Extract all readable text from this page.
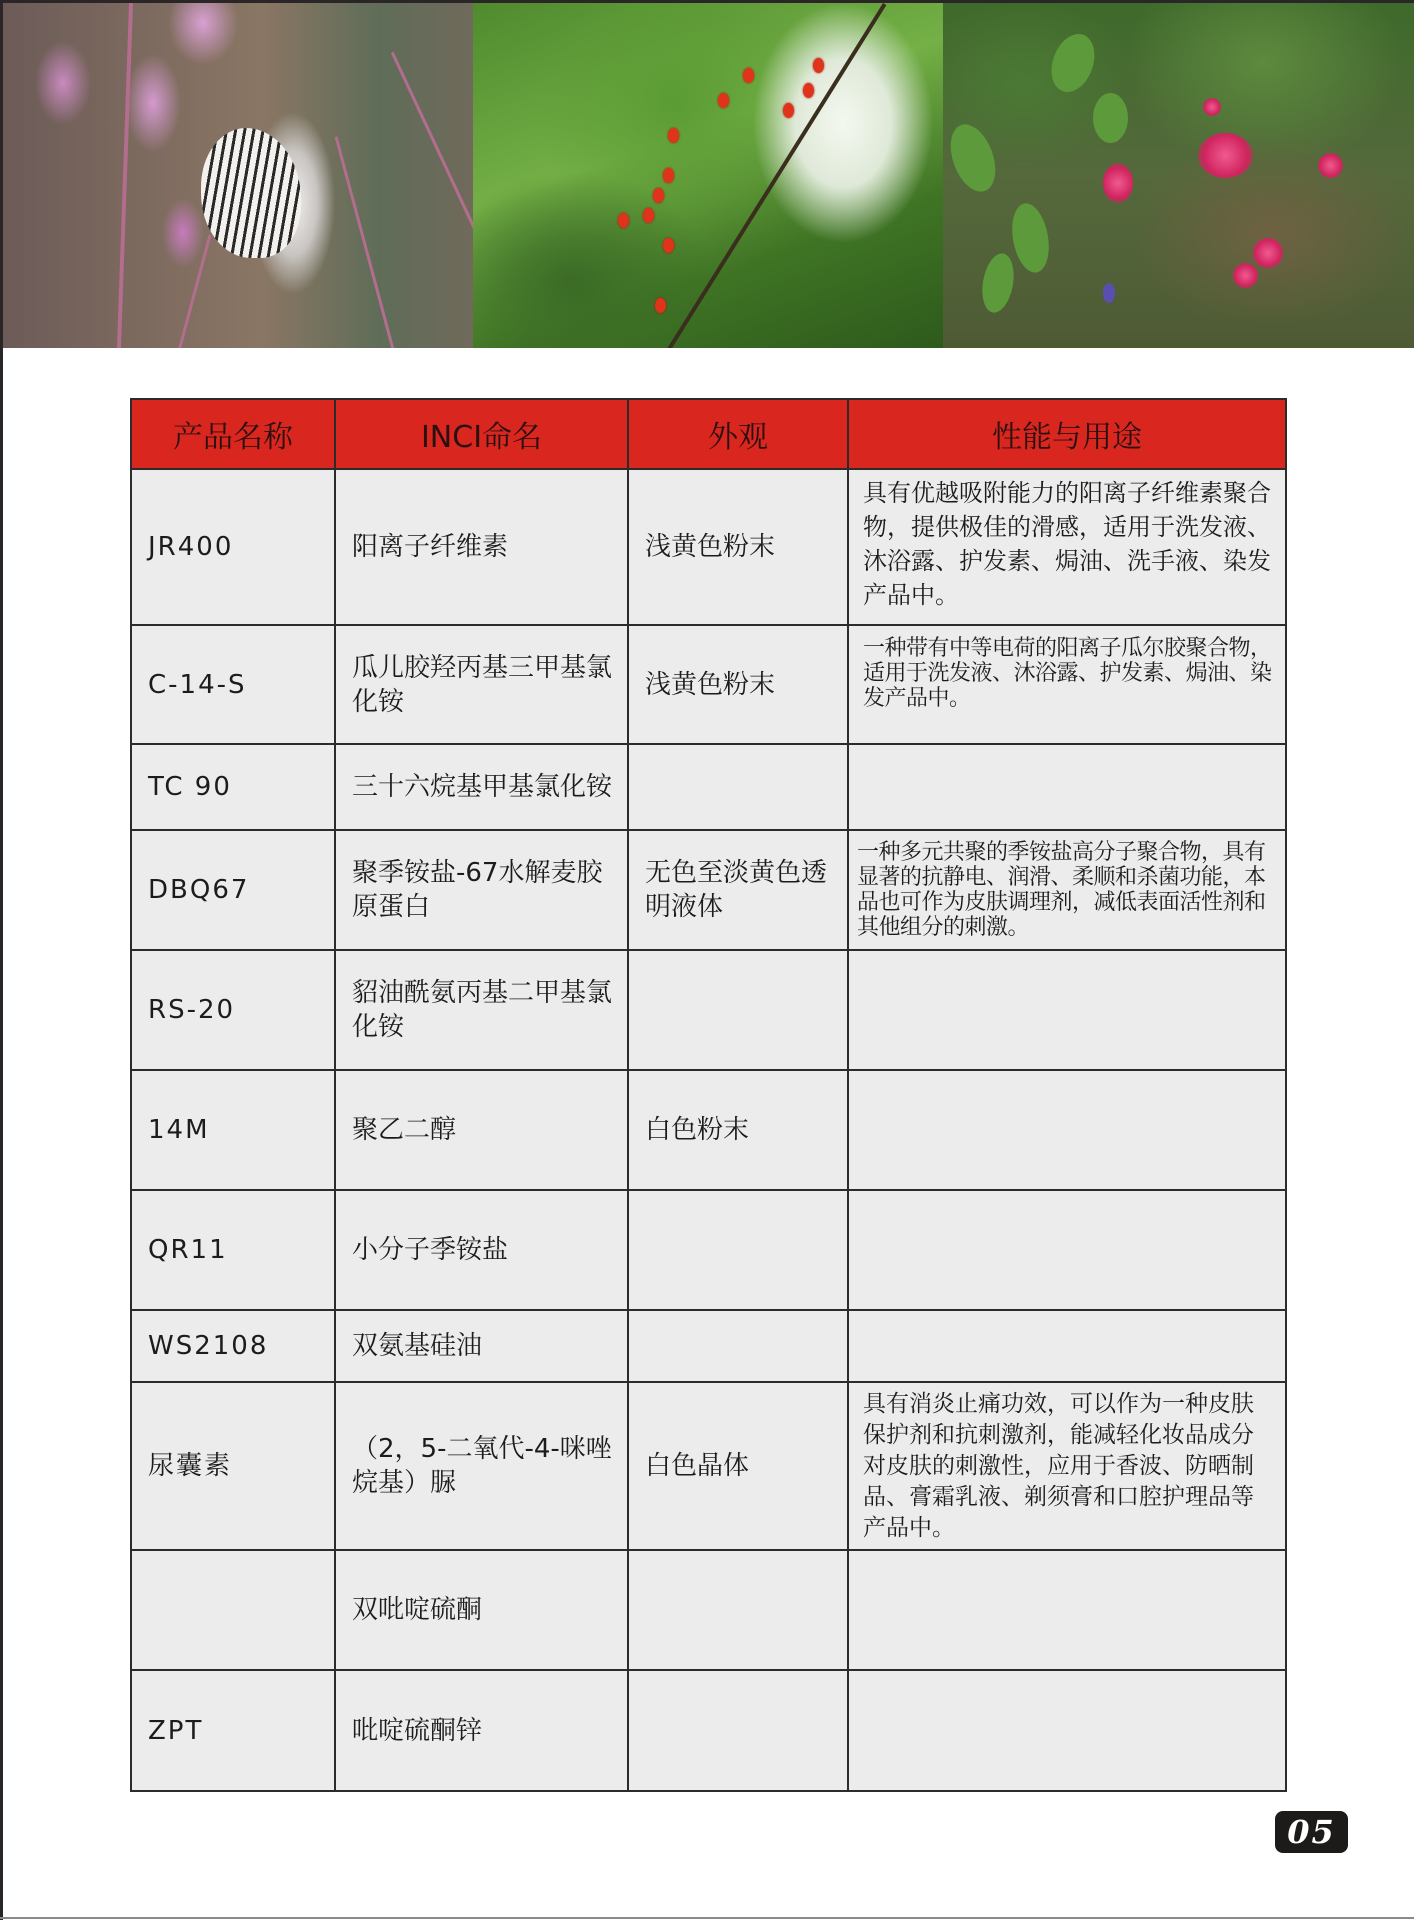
产品名称	INCI命名	外观	性能与用途
JR400	阳离子纤维素	浅黄色粉末	具有优越吸附能力的阳离子纤维素聚合物，提供极佳的滑感，适用于洗发液、沐浴露、护发素、焗油、洗手液、染发产品中。
C-14-S	瓜儿胶羟丙基三甲基氯化铵	浅黄色粉末	一种带有中等电荷的阳离子瓜尔胶聚合物，适用于洗发液、沐浴露、护发素、焗油、染发产品中。
TC 90	三十六烷基甲基氯化铵		
DBQ67	聚季铵盐-67水解麦胶原蛋白	无色至淡黄色透明液体	一种多元共聚的季铵盐高分子聚合物，具有显著的抗静电、润滑、柔顺和杀菌功能，本品也可作为皮肤调理剂，减低表面活性剂和其他组分的刺激。
RS-20	貂油酰氨丙基二甲基氯化铵		
14M	聚乙二醇	白色粉末	
QR11	小分子季铵盐		
WS2108	双氨基硅油		
尿囊素	（2，5-二氧代-4-咪唑烷基）脲	白色晶体	具有消炎止痛功效，可以作为一种皮肤保护剂和抗刺激剂，能减轻化妆品成分对皮肤的刺激性，应用于香波、防晒制品、膏霜乳液、剃须膏和口腔护理品等产品中。
	双吡啶硫酮		
ZPT	吡啶硫酮锌		
05
